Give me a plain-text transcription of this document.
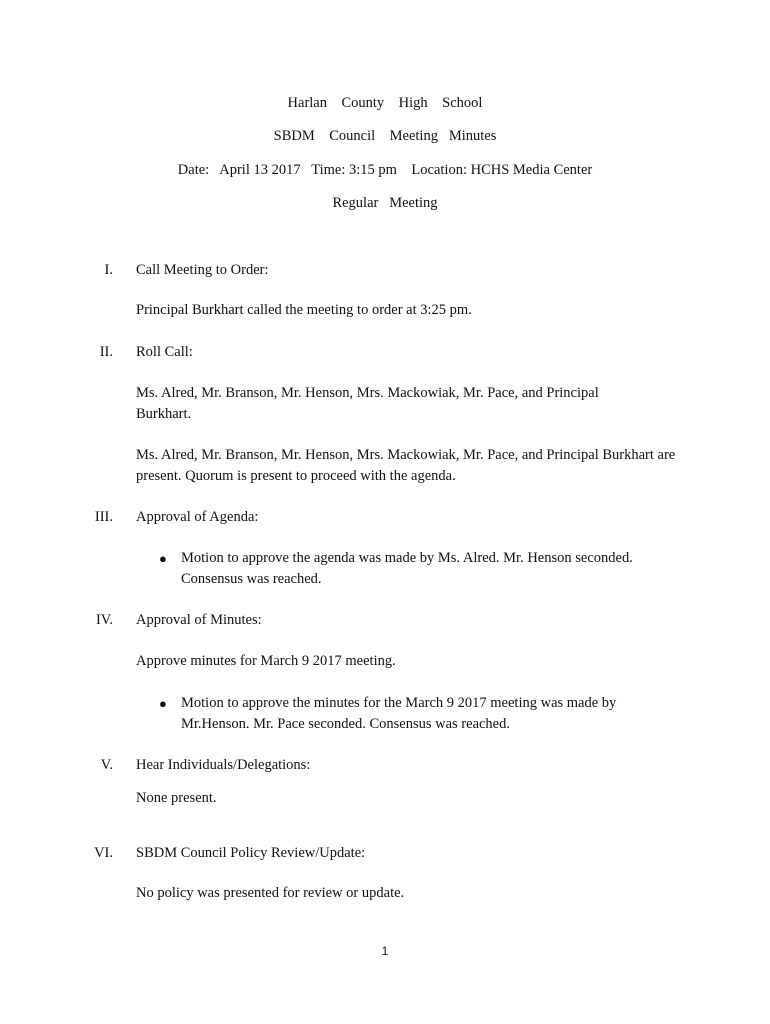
Harlan    County    High    School
SBDM    Council    Meeting   Minutes
Date:   April 13 2017   Time: 3:15 pm    Location: HCHS Media Center
Regular   Meeting
I. Call Meeting to Order:
Principal Burkhart called the meeting to order at 3:25 pm.
II. Roll Call:
Ms. Alred, Mr. Branson, Mr. Henson, Mrs. Mackowiak, Mr. Pace, and Principal Burkhart.
Ms. Alred, Mr. Branson, Mr. Henson, Mrs. Mackowiak, Mr. Pace, and Principal Burkhart are present. Quorum is present to proceed with the agenda.
III. Approval of Agenda:
● Motion to approve the agenda was made by Ms. Alred. Mr. Henson seconded. Consensus was reached.
IV. Approval of Minutes:
Approve minutes for March 9 2017 meeting.
● Motion to approve the minutes for the March 9 2017 meeting was made by Mr.Henson. Mr. Pace seconded. Consensus was reached.
V. Hear Individuals/Delegations:
None present.
VI. SBDM Council Policy Review/Update:
No policy was presented for review or update.
1
